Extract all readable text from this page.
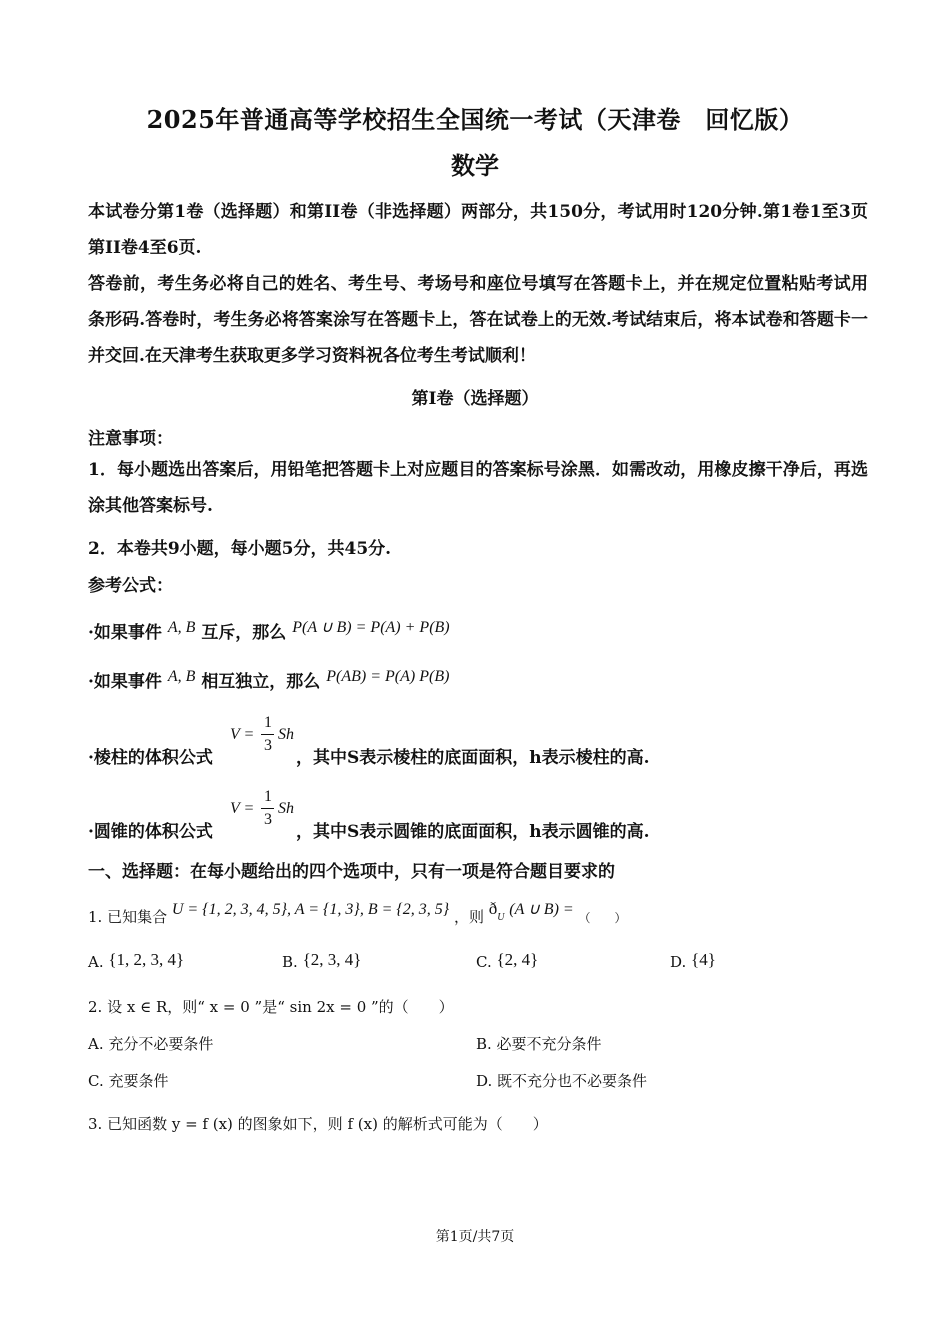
2025年普通高等学校招生全国统一考试（天津卷　回忆版）
数学
本试卷分第1卷（选择题）和第II卷（非选择题）两部分，共150分，考试用时120分钟.第1卷1至3页第II卷4至6页.
答卷前，考生务必将自己的姓名、考生号、考场号和座位号填写在答题卡上，并在规定位置粘贴考试用条形码.答卷时，考生务必将答案涂写在答题卡上，答在试卷上的无效.考试结束后，将本试卷和答题卡一并交回.在天津考生获取更多学习资料祝各位考生考试顺利！
第I卷（选择题）
注意事项：
1．每小题选出答案后，用铅笔把答题卡上对应题目的答案标号涂黑．如需改动，用橡皮擦干净后，再选涂其他答案标号.
2．本卷共9小题，每小题5分，共45分.
参考公式：
·如果事件 A, B 互斥，那么 P(A ∪ B) = P(A) + P(B)
·如果事件 A, B 相互独立，那么 P(AB) = P(A) P(B)
·棱柱的体积公式
V =
1
3
Sh
，其中S表示棱柱的底面面积，h表示棱柱的高.
·圆锥的体积公式
V =
1
3
Sh
，其中S表示圆锥的底面面积，h表示圆锥的高.
一、选择题：在每小题给出的四个选项中，只有一项是符合题目要求的
1. 已知集合 U = {1, 2, 3, 4, 5}, A = {1, 3}, B = {2, 3, 5} ，则 $ð_U$ (A ∪ B) = （　　）
A. {1, 2, 3, 4}	B. {2, 3, 4}	C. {2, 4}	D. {4}
2. 设 x ∈ R，则“ x = 0 ”是“ sin 2x = 0 ”的（　　）
A. 充分不必要条件	B. 必要不充分条件
C. 充要条件	D. 既不充分也不必要条件
3. 已知函数 y = f (x) 的图象如下，则 f (x) 的解析式可能为（　　）
第1页/共7页
